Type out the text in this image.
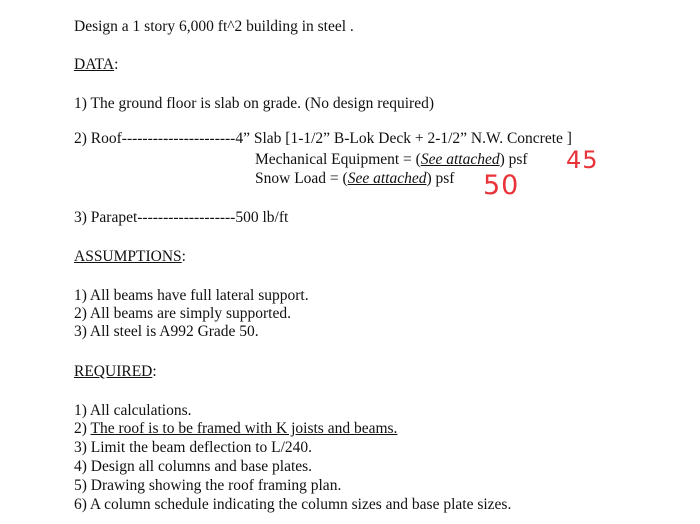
Design a 1 story 6,000 ft^2 building in steel .
DATA:
1) The ground floor is slab on grade. (No design required)
2) Roof----------------------4” Slab [1-1/2” B-Lok Deck + 2-1/2” N.W. Concrete ]
Mechanical Equipment = (See attached) psf 45
Snow Load = (See attached) psf 50
3) Parapet-------------------500 lb/ft
ASSUMPTIONS:
1) All beams have full lateral support.
2) All beams are simply supported.
3) All steel is A992 Grade 50.
REQUIRED:
1) All calculations.
2) The roof is to be framed with K joists and beams.
3) Limit the beam deflection to L/240.
4) Design all columns and base plates.
5) Drawing showing the roof framing plan.
6) A column schedule indicating the column sizes and base plate sizes.
